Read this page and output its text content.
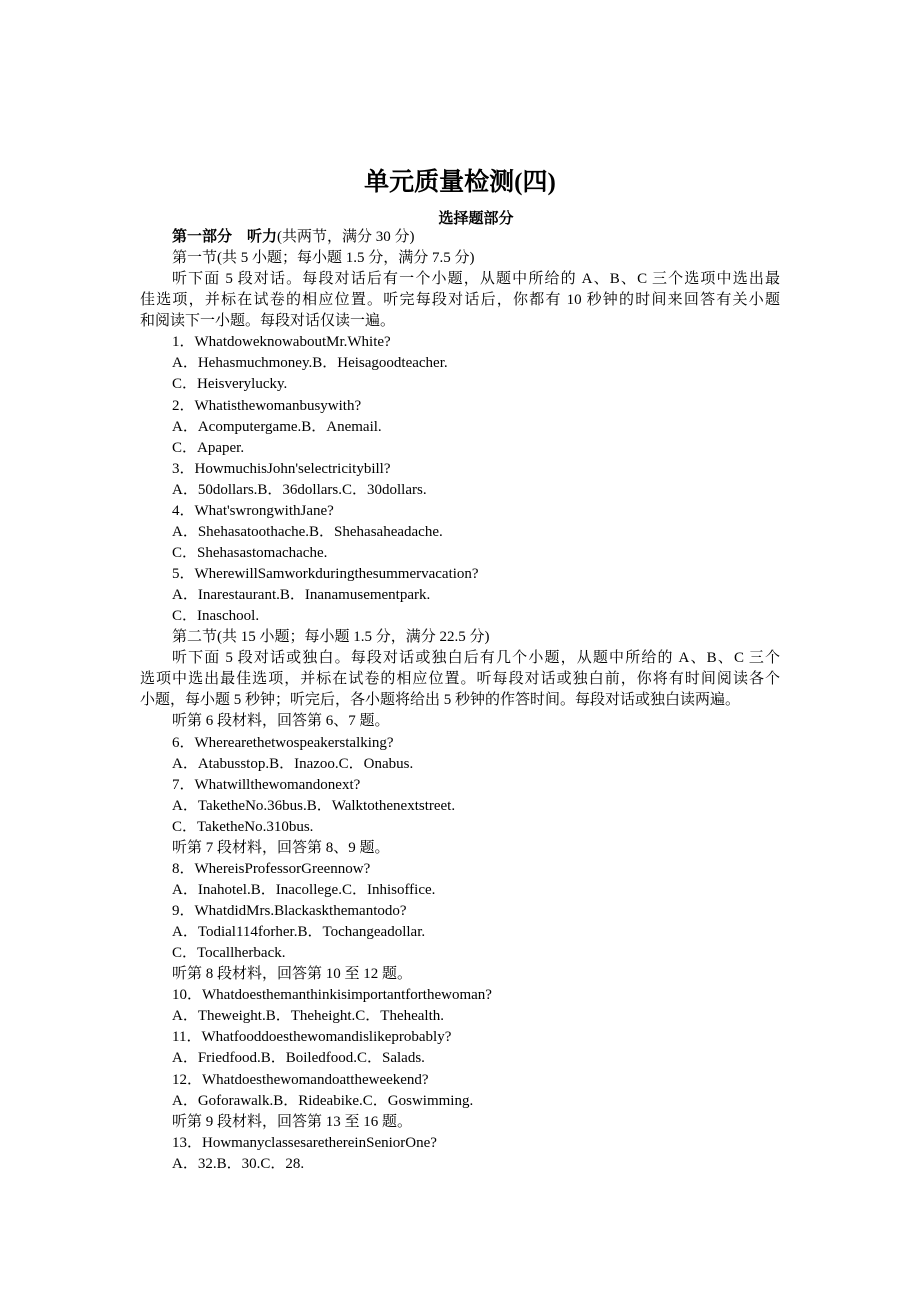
单元质量检测(四)
选择题部分
第一部分　听力(共两节，满分 30 分)
第一节(共 5 小题；每小题 1.5 分，满分 7.5 分)
听下面 5 段对话。每段对话后有一个小题，从题中所给的 A、B、C 三个选项中选出最
佳选项，并标在试卷的相应位置。听完每段对话后，你都有 10 秒钟的时间来回答有关小题
和阅读下一小题。每段对话仅读一遍。
1．WhatdoweknowaboutMr.White?
A．Hehasmuchmoney.B．Heisagoodteacher.
C．Heisverylucky.
2．Whatisthewomanbusywith?
A．Acomputergame.B．Anemail.
C．Apaper.
3．HowmuchisJohn'selectricitybill?
A．50dollars.B．36dollars.C．30dollars.
4．What'swrongwithJane?
A．Shehasatoothache.B．Shehasaheadache.
C．Shehasastomachache.
5．WherewillSamworkduringthesummervacation?
A．Inarestaurant.B．Inanamusementpark.
C．Inaschool.
第二节(共 15 小题；每小题 1.5 分，满分 22.5 分)
听下面 5 段对话或独白。每段对话或独白后有几个小题，从题中所给的 A、B、C 三个
选项中选出最佳选项，并标在试卷的相应位置。听每段对话或独白前，你将有时间阅读各个
小题，每小题 5 秒钟；听完后，各小题将给出 5 秒钟的作答时间。每段对话或独白读两遍。
听第 6 段材料，回答第 6、7 题。
6．Wherearethetwospeakerstalking?
A．Atabusstop.B．Inazoo.C．Onabus.
7．Whatwillthewomandonext?
A．TaketheNo.36bus.B．Walktothenextstreet.
C．TaketheNo.310bus.
听第 7 段材料，回答第 8、9 题。
8．WhereisProfessorGreennow?
A．Inahotel.B．Inacollege.C．Inhisoffice.
9．WhatdidMrs.Blackaskthemantodo?
A．Todial114forher.B．Tochangeadollar.
C．Tocallherback.
听第 8 段材料，回答第 10 至 12 题。
10．Whatdoesthemanthinkisimportantforthewoman?
A．Theweight.B．Theheight.C．Thehealth.
11．Whatfooddoesthewomandislikeprobably?
A．Friedfood.B．Boiledfood.C．Salads.
12．Whatdoesthewomandoattheweekend?
A．Goforawalk.B．Rideabike.C．Goswimming.
听第 9 段材料，回答第 13 至 16 题。
13．HowmanyclassesarethereinSeniorOne?
A．32.B．30.C．28.
